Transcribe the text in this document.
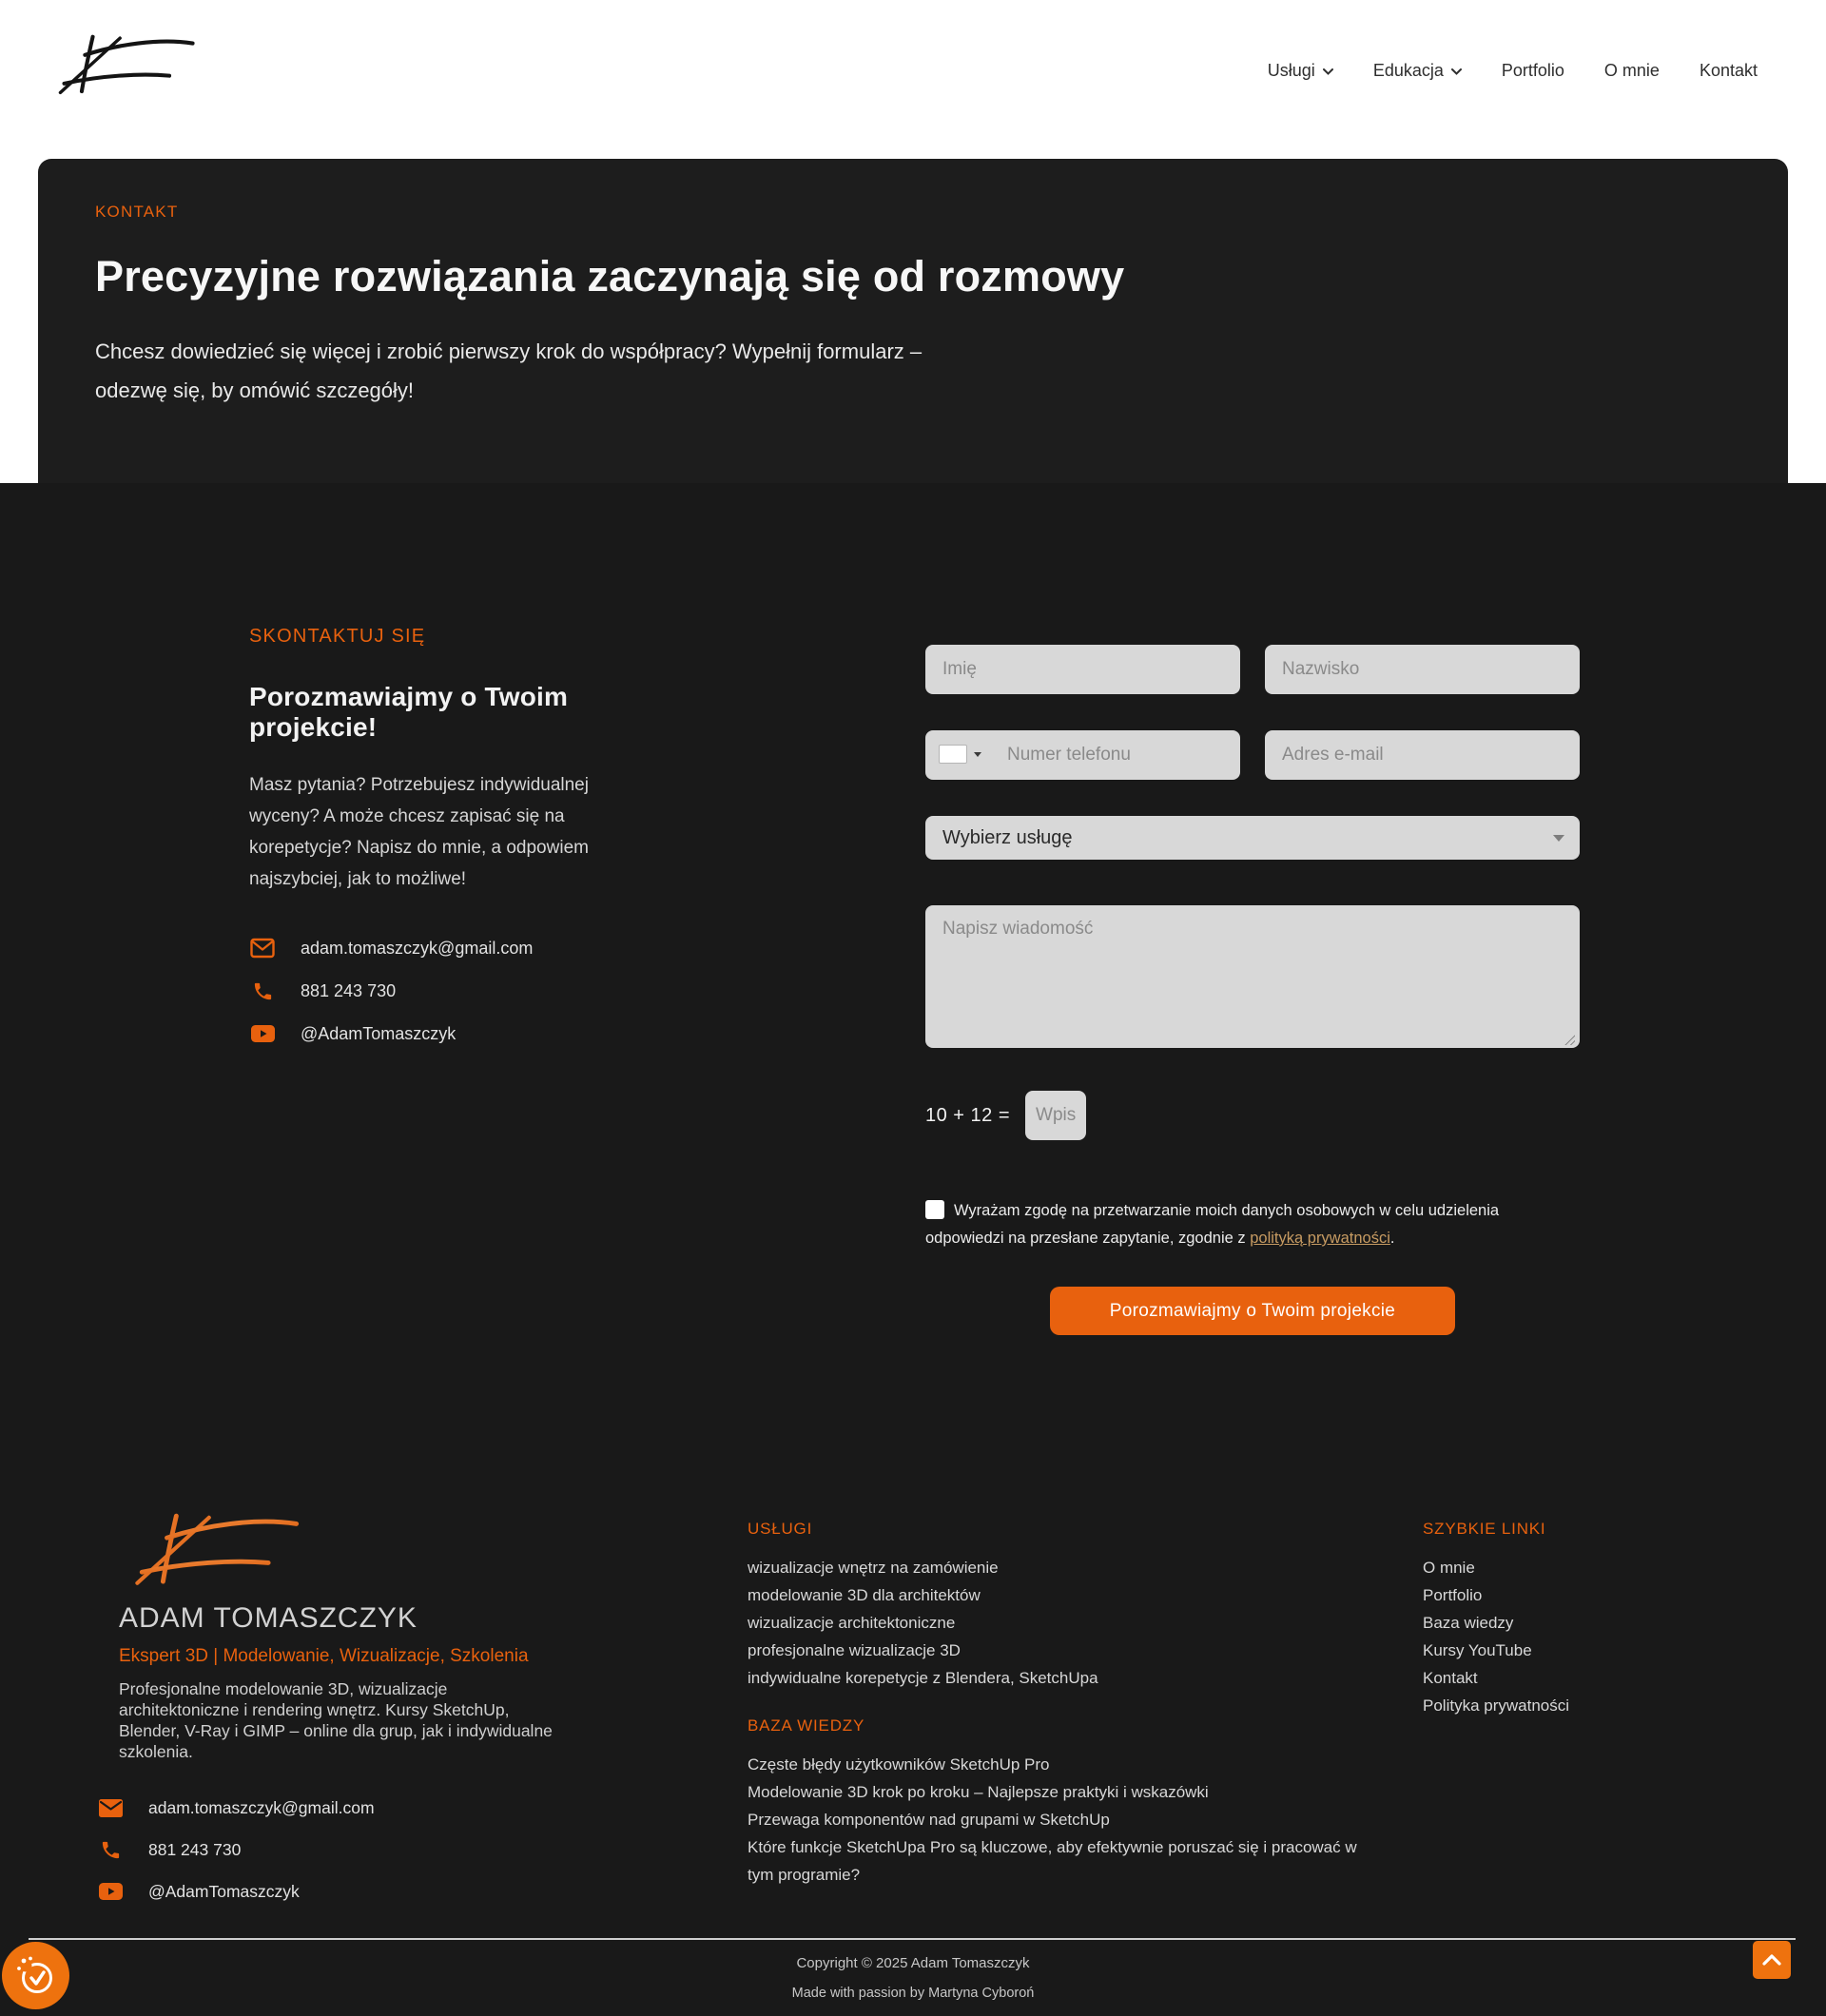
Usługi	Edukacja	Portfolio O mnie Kontakt
KONTAKT
Precyzyjne rozwiązania zaczynają się od rozmowy

Chcesz dowiedzieć się więcej i zrobić pierwszy krok do współpracy? Wypełnij formularz – odezwę się, by omówić szczegóły!

SKONTAKTUJ SIĘ
Porozmawiajmy o Twoim projekcie!

Masz pytania? Potrzebujesz indywidualnej wyceny? A może chcesz zapisać się na korepetycje? Napisz do mnie, a odpowiem najszybciej, jak to możliwe!

adam.tomaszczyk@gmail.com
881 243 730
@AdamTomaszczyk
Imię
Nazwisko
Numer telefonu
Adres e-mail
Wybierz usługę
Napisz wiadomość
10 + 12 =
Wpisz
Wyrażam zgodę na przetwarzanie moich danych osobowych w celu udzielenia odpowiedzi na przesłane zapytanie, zgodnie z polityką prywatności.
Porozmawiajmy o Twoim projekcie
ADAM TOMASZCZYK
Ekspert 3D | Modelowanie, Wizualizacje, Szkolenia

Profesjonalne modelowanie 3D, wizualizacje architektoniczne i rendering wnętrz. Kursy SketchUp, Blender, V-Ray i GIMP – online dla grup, jak i indywidualne szkolenia.

adam.tomaszczyk@gmail.com
881 243 730
@AdamTomaszczyk
USŁUGI
wizualizacje wnętrz na zamówienie
modelowanie 3D dla architektów
wizualizacje architektoniczne
profesjonalne wizualizacje 3D
indywidualne korepetycje z Blendera, SketchUpa
BAZA WIEDZY
Częste błędy użytkowników SketchUp Pro
Modelowanie 3D krok po kroku – Najlepsze praktyki i wskazówki
Przewaga komponentów nad grupami w SketchUp
Które funkcje SketchUpa Pro są kluczowe, aby efektywnie poruszać się i pracować w tym programie?
SZYBKIE LINKI
O mnie
Portfolio
Baza wiedzy
Kursy YouTube
Kontakt
Polityka prywatności
Copyright © 2025 Adam Tomaszczyk
Made with passion by Martyna Cyboroń
